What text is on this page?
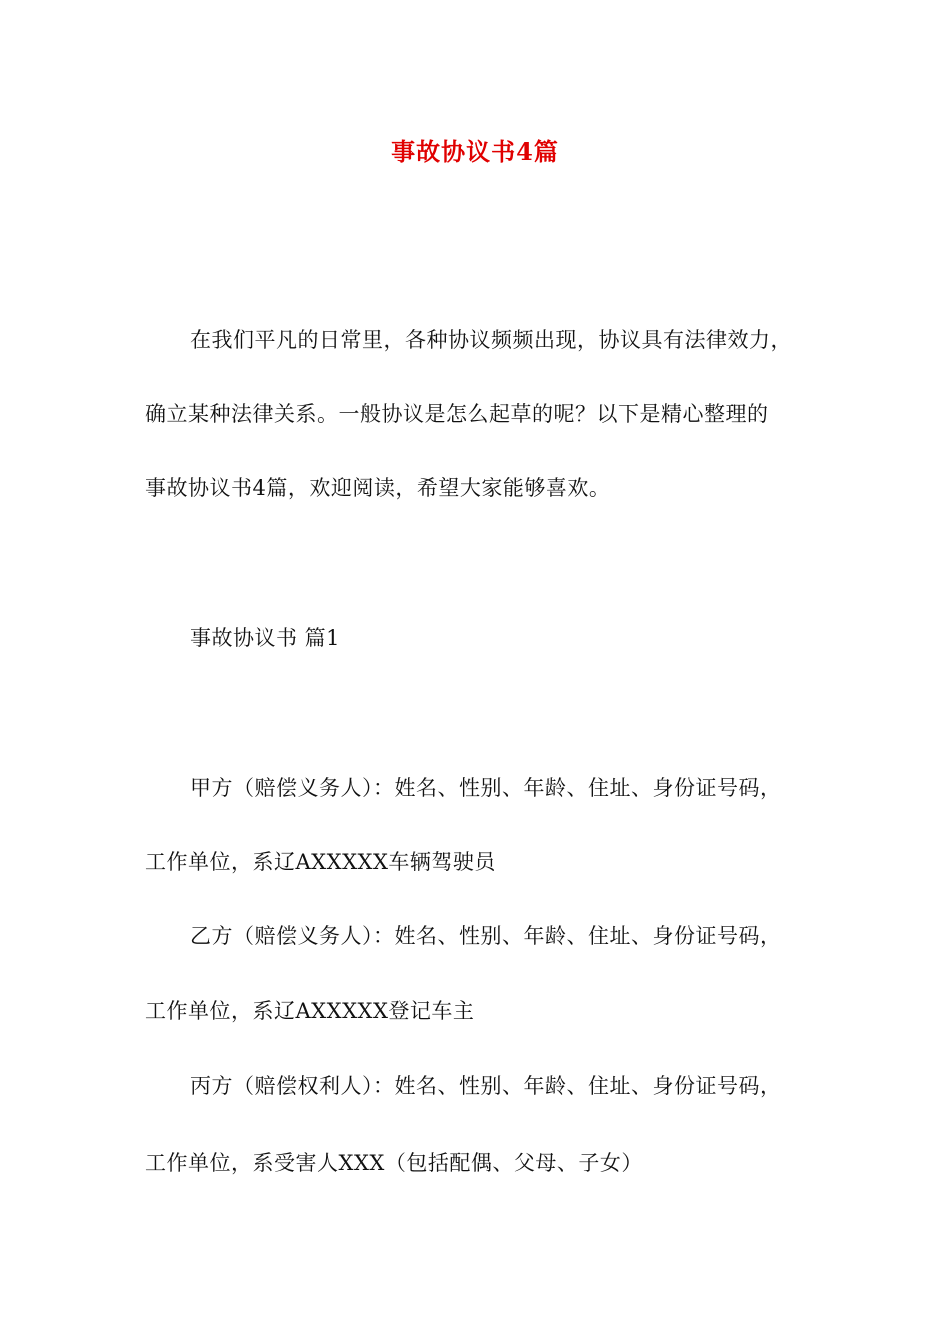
事故协议书4篇
在我们平凡的日常里，各种协议频频出现，协议具有法律效力，
确立某种法律关系。一般协议是怎么起草的呢？以下是精心整理的
事故协议书4篇，欢迎阅读，希望大家能够喜欢。
事故协议书 篇1
甲方（赔偿义务人）：姓名、性别、年龄、住址、身份证号码，
工作单位，系辽AXXXXX车辆驾驶员
乙方（赔偿义务人）：姓名、性别、年龄、住址、身份证号码，
工作单位，系辽AXXXXX登记车主
丙方（赔偿权利人）：姓名、性别、年龄、住址、身份证号码，
工作单位，系受害人XXX（包括配偶、父母、子女）
